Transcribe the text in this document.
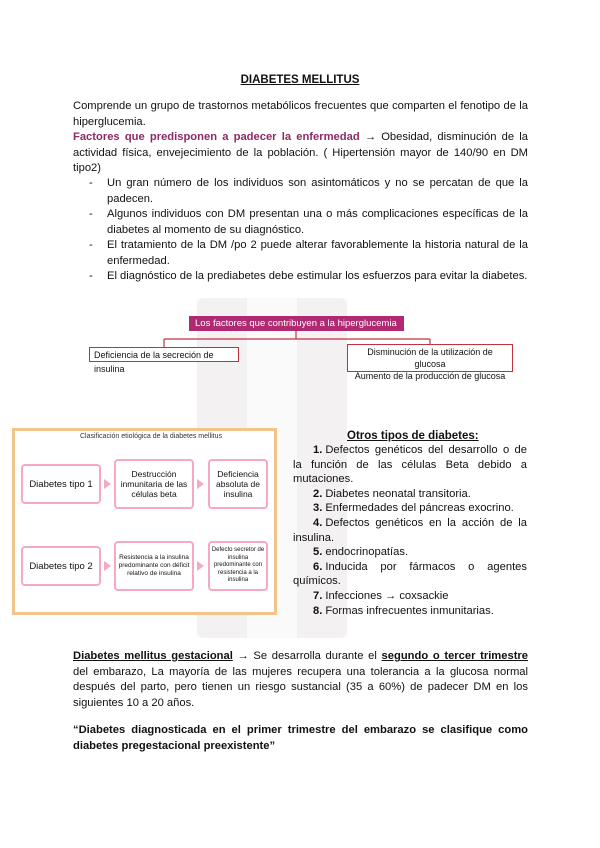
DIABETES MELLITUS
Comprende un grupo de trastornos metabólicos frecuentes que comparten el fenotipo de la hiperglucemia.
Factores que predisponen a padecer la enfermedad → Obesidad, disminución de la actividad física, envejecimiento de la población. ( Hipertensión mayor de 140/90 en DM tipo2)
- Un gran número de los individuos son asintomáticos y no se percatan de que la padecen.
- Algunos individuos con DM presentan una o más complicaciones específicas de la diabetes al momento de su diagnóstico.
- El tratamiento de la DM /po 2 puede alterar favorablemente la historia natural de la enfermedad.
- El diagnóstico de la prediabetes debe estimular los esfuerzos para evitar la diabetes.
Los factores que contribuyen a la hiperglucemia
Deficiencia de la secreción de insulina
Disminución de la utilización de glucosa
Aumento de la producción de glucosa
Diabetes tipo 1
Destrucción inmunitaria de las células beta
Deficiencia absoluta de insulina
Diabetes tipo 2
Resistencia a la insulina predominante con déficit relativo de insulina
Defecto secretor de insulina predominante con resistencia a la insulina
Clasificación etiológica de la diabetes mellitus	Otros tipos de diabetes:
1. Defectos genéticos del desarrollo o de la función de las células Beta debido a mutaciones.
2. Diabetes neonatal transitoria.
3. Enfermedades del páncreas exocrino.
4. Defectos genéticos en la acción de la insulina.
5. endocrinopatías.
6. Inducida por fármacos o agentes químicos.
7. Infecciones → coxsackie
8. Formas infrecuentes inmunitarias.
Diabetes mellitus gestacional → Se desarrolla durante el segundo o tercer trimestre del embarazo, La mayoría de las mujeres recupera una tolerancia a la glucosa normal después del parto, pero tienen un riesgo sustancial (35 a 60%) de padecer DM en los siguientes 10 a 20 años.
“Diabetes diagnosticada en el primer trimestre del embarazo se clasifique como diabetes pregestacional preexistente”
